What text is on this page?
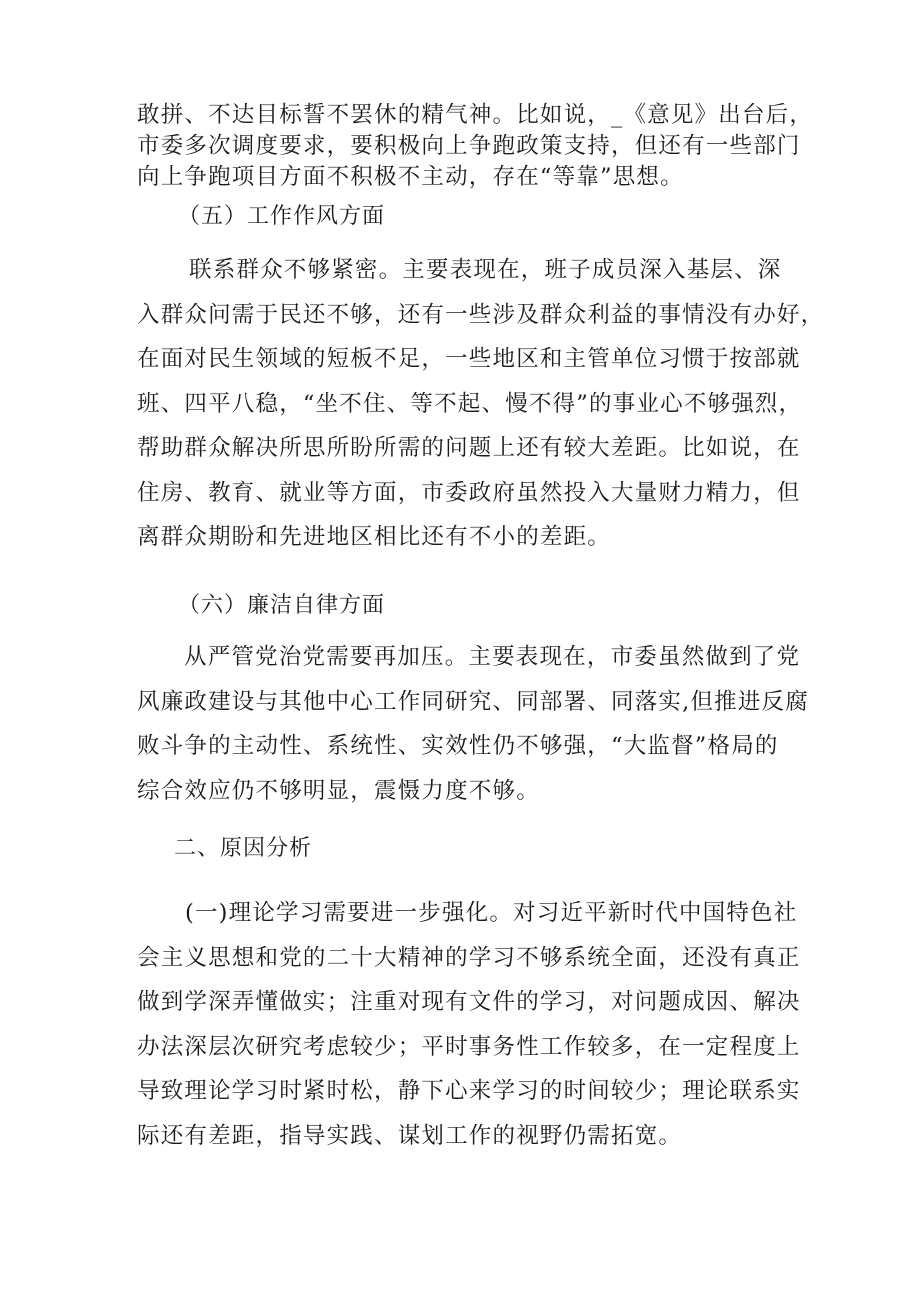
敢拼、不达目标誓不罢休的精气神。比如说，_《意见》出台后，
市委多次调度要求，要积极向上争跑政策支持，但还有一些部门
向上争跑项目方面不积极不主动，存在“等靠”思想。
（五）工作作风方面
联系群众不够紧密。主要表现在，班子成员深入基层、深
入群众问需于民还不够，还有一些涉及群众利益的事情没有办好，
在面对民生领域的短板不足，一些地区和主管单位习惯于按部就
班、四平八稳，“坐不住、等不起、慢不得”的事业心不够强烈，
帮助群众解决所思所盼所需的问题上还有较大差距。比如说，在
住房、教育、就业等方面，市委政府虽然投入大量财力精力，但
离群众期盼和先进地区相比还有不小的差距。
（六）廉洁自律方面
从严管党治党需要再加压。主要表现在，市委虽然做到了党
风廉政建设与其他中心工作同研究、同部署、同落实,但推进反腐
败斗争的主动性、系统性、实效性仍不够强，“大监督”格局的
综合效应仍不够明显，震慑力度不够。
二、原因分析
(一)理论学习需要进一步强化。对习近平新时代中国特色社
会主义思想和党的二十大精神的学习不够系统全面，还没有真正
做到学深弄懂做实；注重对现有文件的学习，对问题成因、解决
办法深层次研究考虑较少；平时事务性工作较多，在一定程度上
导致理论学习时紧时松，静下心来学习的时间较少；理论联系实
际还有差距，指导实践、谋划工作的视野仍需拓宽。
